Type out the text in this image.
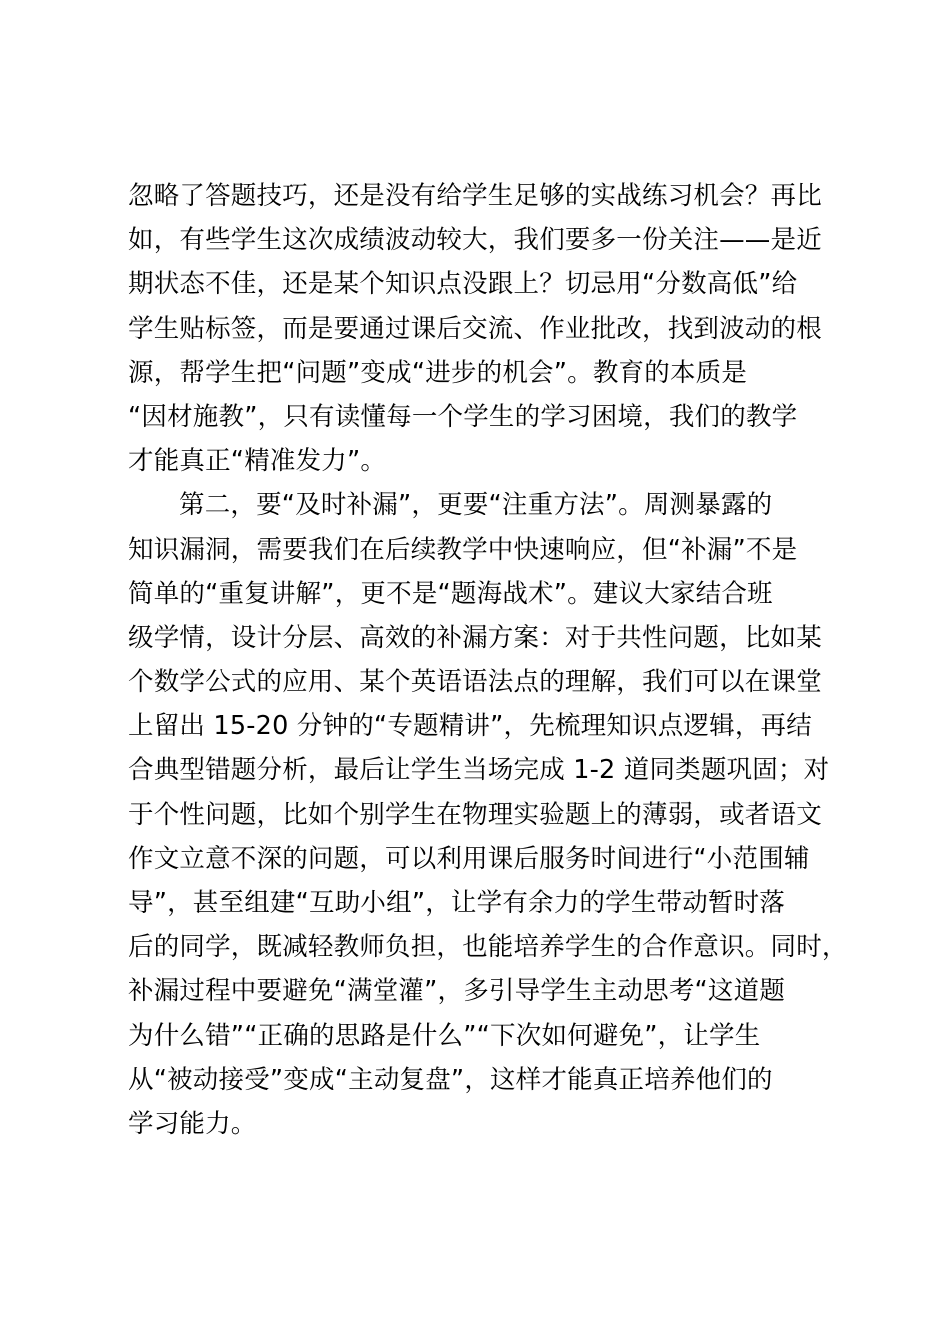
忽略了答题技巧，还是没有给学生足够的实战练习机会？再比
如，有些学生这次成绩波动较大，我们要多一份关注——是近
期状态不佳，还是某个知识点没跟上？切忌用“分数高低”给
学生贴标签，而是要通过课后交流、作业批改，找到波动的根
源，帮学生把“问题”变成“进步的机会”。教育的本质是
“因材施教”，只有读懂每一个学生的学习困境，我们的教学
才能真正“精准发力”。
第二，要“及时补漏”，更要“注重方法”。周测暴露的
知识漏洞，需要我们在后续教学中快速响应，但“补漏”不是
简单的“重复讲解”，更不是“题海战术”。建议大家结合班
级学情，设计分层、高效的补漏方案：对于共性问题，比如某
个数学公式的应用、某个英语语法点的理解，我们可以在课堂
上留出 15-20 分钟的“专题精讲”，先梳理知识点逻辑，再结
合典型错题分析，最后让学生当场完成 1-2 道同类题巩固；对
于个性问题，比如个别学生在物理实验题上的薄弱，或者语文
作文立意不深的问题，可以利用课后服务时间进行“小范围辅
导”，甚至组建“互助小组”，让学有余力的学生带动暂时落
后的同学，既减轻教师负担，也能培养学生的合作意识。同时，
补漏过程中要避免“满堂灌”，多引导学生主动思考“这道题
为什么错”“正确的思路是什么”“下次如何避免”，让学生
从“被动接受”变成“主动复盘”，这样才能真正培养他们的
学习能力。
